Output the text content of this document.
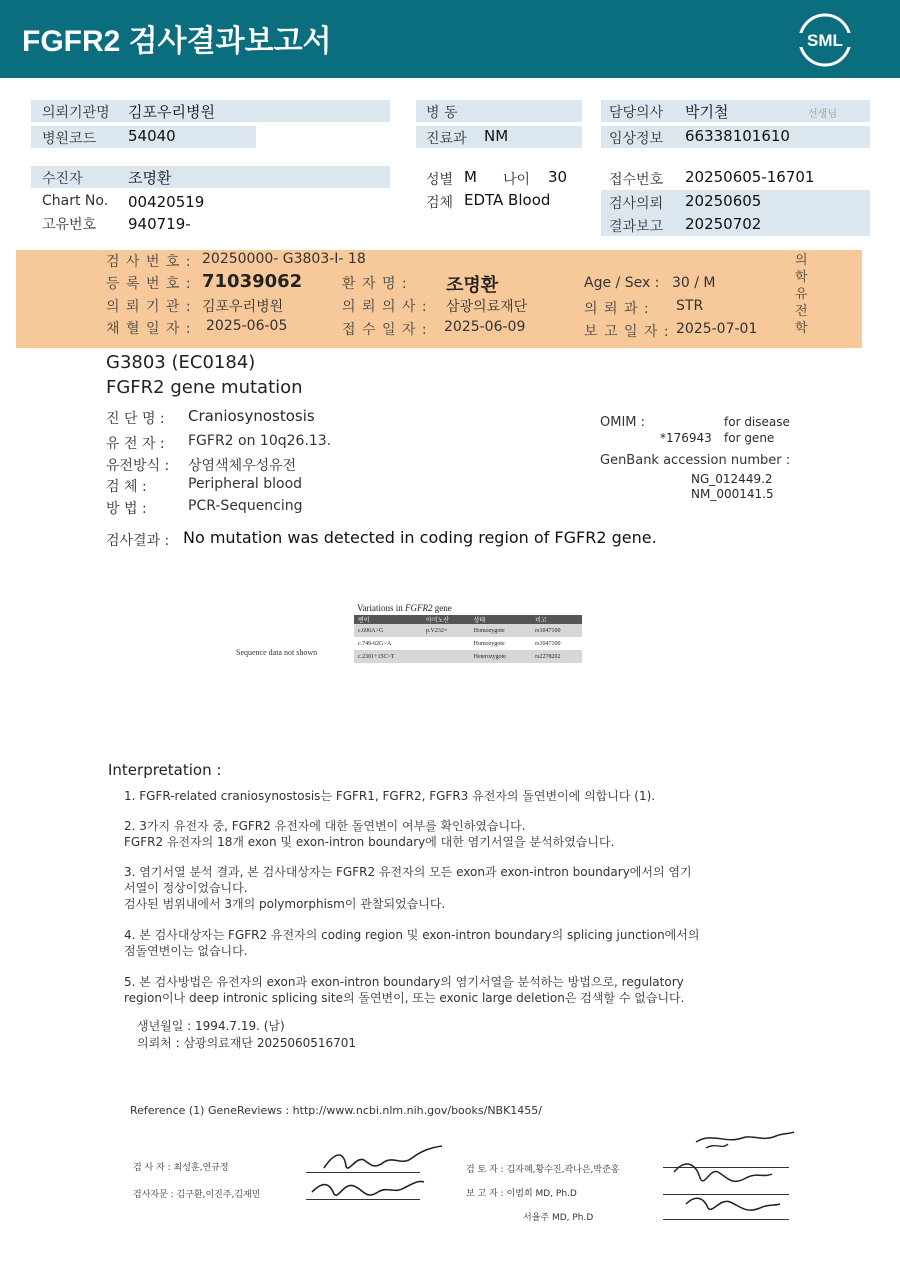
FGFR2 검사결과보고서	SML
의뢰기관명 김포우리병원
병원코드 54040
병 동
진료과 NM
담당의사 박기철	선생님
임상정보 66338101610
수진자	조명환
Chart No. 00420519
고유번호 940719-
성별 M 나이 30
검체 EDTA Blood
접수번호 20250605-16701
검사의뢰 20250605
결과보고 20250702
검 사 번 호 : 20250000- G3803-I- 18
등 록 번 호 : 71039062	환 자 명 : 조명환	Age / Sex : 30 / M
의 뢰 기 관 : 김포우리병원	의 뢰 의 사 : 삼광의료재단	의 뢰 과 : STR
채 혈 일 자 : 2025-06-05	접 수 일 자 : 2025-06-09	보 고 일 자 : 2025-07-01
의
학
유
전
학
G3803 (EC0184)
FGFR2 gene mutation
진 단 명 : Craniosynostosis
유 전 자 : FGFR2 on 10q26.13.
유전방식 : 상염색체우성유전
검 체 :	Peripheral blood
방 법 :	PCR-Sequencing
OMIM :	for disease
*176943 for gene
GenBank accession number :
NG_012449.2
NM_000141.5
검사결과 : No mutation was detected in coding region of FGFR2 gene.
Variations in FGFR2 gene
Sequence data not shown
변이	아미노산	상태	비고
c.696A>G	p.V232=	Homozygote	rs1047100
c.749-62G>A		Homozygote	rs1047100
c.2301+15C>T		Heterozygote	rs2278202
Interpretation :
1. FGFR-related craniosynostosis는 FGFR1, FGFR2, FGFR3 유전자의 돌연변이에 의합니다 (1).
2. 3가지 유전자 중, FGFR2 유전자에 대한 돌연변이 여부를 확인하였습니다.
FGFR2 유전자의 18개 exon 및 exon-intron boundary에 대한 염기서열을 분석하였습니다.
3. 염기서열 분석 결과, 본 검사대상자는 FGFR2 유전자의 모든 exon과 exon-intron boundary에서의 염기
서열이 정상이었습니다.
검사된 범위내에서 3개의 polymorphism이 관찰되었습니다.
4. 본 검사대상자는 FGFR2 유전자의 coding region 및 exon-intron boundary의 splicing junction에서의
점돌연변이는 없습니다.
5. 본 검사방법은 유전자의 exon과 exon-intron boundary의 염기서열을 분석하는 방법으로, regulatory
region이나 deep intronic splicing site의 돌연변이, 또는 exonic large deletion은 검색할 수 없습니다.
생년월일 : 1994.7.19. (남)
의뢰처 : 삼광의료재단 2025060516701
Reference (1) GeneReviews : http://www.ncbi.nlm.nih.gov/books/NBK1455/
검 사 자 : 최성훈,연규정
검사자문 : 김구환,이진주,김재민
검 토 자 : 김자혜,황수진,곽나은,박준홍
보 고 자 : 이범희 MD, Ph.D
서율주 MD, Ph.D
